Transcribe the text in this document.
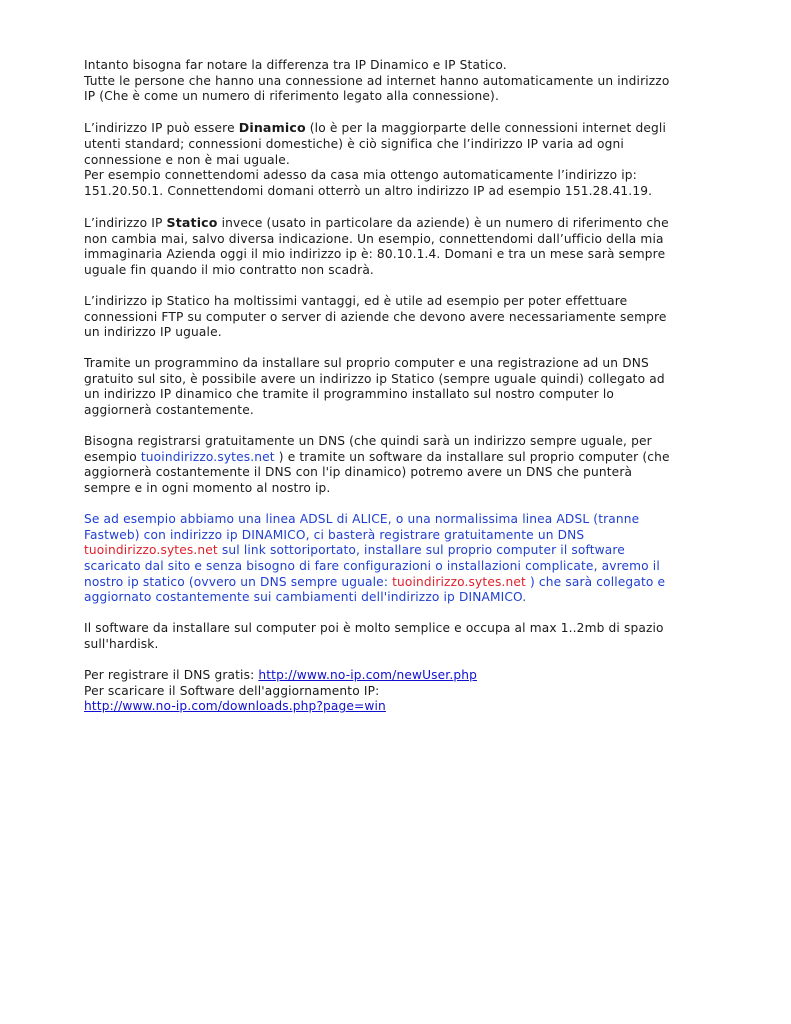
Intanto bisogna far notare la differenza tra IP Dinamico e IP Statico.
Tutte le persone che hanno una connessione ad internet hanno automaticamente un indirizzo
IP (Che è come un numero di riferimento legato alla connessione).

L’indirizzo IP può essere Dinamico (lo è per la maggiorparte delle connessioni internet degli
utenti standard; connessioni domestiche) è ciò significa che l’indirizzo IP varia ad ogni
connessione e non è mai uguale.
Per esempio connettendomi adesso da casa mia ottengo automaticamente l’indirizzo ip:
151.20.50.1. Connettendomi domani otterrò un altro indirizzo IP ad esempio 151.28.41.19.

L’indirizzo IP Statico invece (usato in particolare da aziende) è un numero di riferimento che
non cambia mai, salvo diversa indicazione. Un esempio, connettendomi dall’ufficio della mia
immaginaria Azienda oggi il mio indirizzo ip è: 80.10.1.4. Domani e tra un mese sarà sempre
uguale fin quando il mio contratto non scadrà.

L’indirizzo ip Statico ha moltissimi vantaggi, ed è utile ad esempio per poter effettuare
connessioni FTP su computer o server di aziende che devono avere necessariamente sempre
un indirizzo IP uguale.

Tramite un programmino da installare sul proprio computer e una registrazione ad un DNS
gratuito sul sito, è possibile avere un indirizzo ip Statico (sempre uguale quindi) collegato ad
un indirizzo IP dinamico che tramite il programmino installato sul nostro computer lo
aggiornerà costantemente.

Bisogna registrarsi gratuitamente un DNS (che quindi sarà un indirizzo sempre uguale, per
esempio tuoindirizzo.sytes.net ) e tramite un software da installare sul proprio computer (che
aggiornerà costantemente il DNS con l'ip dinamico) potremo avere un DNS che punterà
sempre e in ogni momento al nostro ip.

Se ad esempio abbiamo una linea ADSL di ALICE, o una normalissima linea ADSL (tranne
Fastweb) con indirizzo ip DINAMICO, ci basterà registrare gratuitamente un DNS
tuoindirizzo.sytes.net sul link sottoriportato, installare sul proprio computer il software
scaricato dal sito e senza bisogno di fare configurazioni o installazioni complicate, avremo il
nostro ip statico (ovvero un DNS sempre uguale: tuoindirizzo.sytes.net ) che sarà collegato e
aggiornato costantemente sui cambiamenti dell'indirizzo ip DINAMICO.

Il software da installare sul computer poi è molto semplice e occupa al max 1..2mb di spazio
sull'hardisk.

Per registrare il DNS gratis: http://www.no-ip.com/newUser.php
Per scaricare il Software dell'aggiornamento IP:
http://www.no-ip.com/downloads.php?page=win
